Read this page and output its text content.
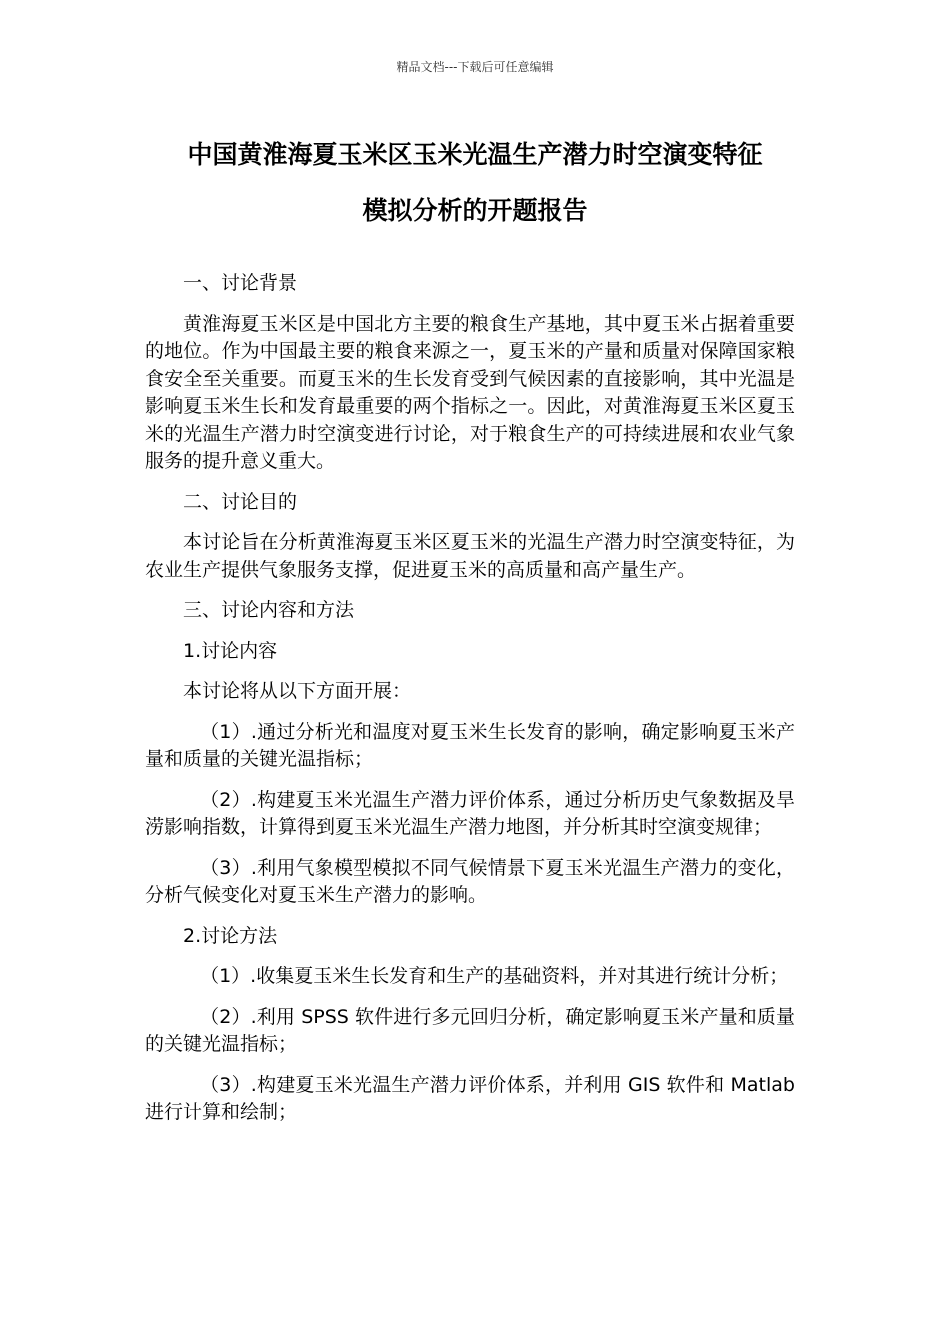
精品文档---下载后可任意编辑
中国黄淮海夏玉米区玉米光温生产潜力时空演变特征
模拟分析的开题报告

一、讨论背景

黄淮海夏玉米区是中国北方主要的粮食生产基地，其中夏玉米占据着重要的地位。作为中国最主要的粮食来源之一，夏玉米的产量和质量对保障国家粮食安全至关重要。而夏玉米的生长发育受到气候因素的直接影响，其中光温是影响夏玉米生长和发育最重要的两个指标之一。因此，对黄淮海夏玉米区夏玉米的光温生产潜力时空演变进行讨论，对于粮食生产的可持续进展和农业气象服务的提升意义重大。

二、讨论目的

本讨论旨在分析黄淮海夏玉米区夏玉米的光温生产潜力时空演变特征，为农业生产提供气象服务支撑，促进夏玉米的高质量和高产量生产。

三、讨论内容和方法

1.讨论内容

本讨论将从以下方面开展：

（1）.通过分析光和温度对夏玉米生长发育的影响，确定影响夏玉米产量和质量的关键光温指标；

（2）.构建夏玉米光温生产潜力评价体系，通过分析历史气象数据及旱涝影响指数，计算得到夏玉米光温生产潜力地图，并分析其时空演变规律；

（3）.利用气象模型模拟不同气候情景下夏玉米光温生产潜力的变化，分析气候变化对夏玉米生产潜力的影响。

2.讨论方法

（1）.收集夏玉米生长发育和生产的基础资料，并对其进行统计分析；

（2）.利用 SPSS 软件进行多元回归分析，确定影响夏玉米产量和质量的关键光温指标；

（3）.构建夏玉米光温生产潜力评价体系，并利用 GIS 软件和 Matlab 进行计算和绘制；
